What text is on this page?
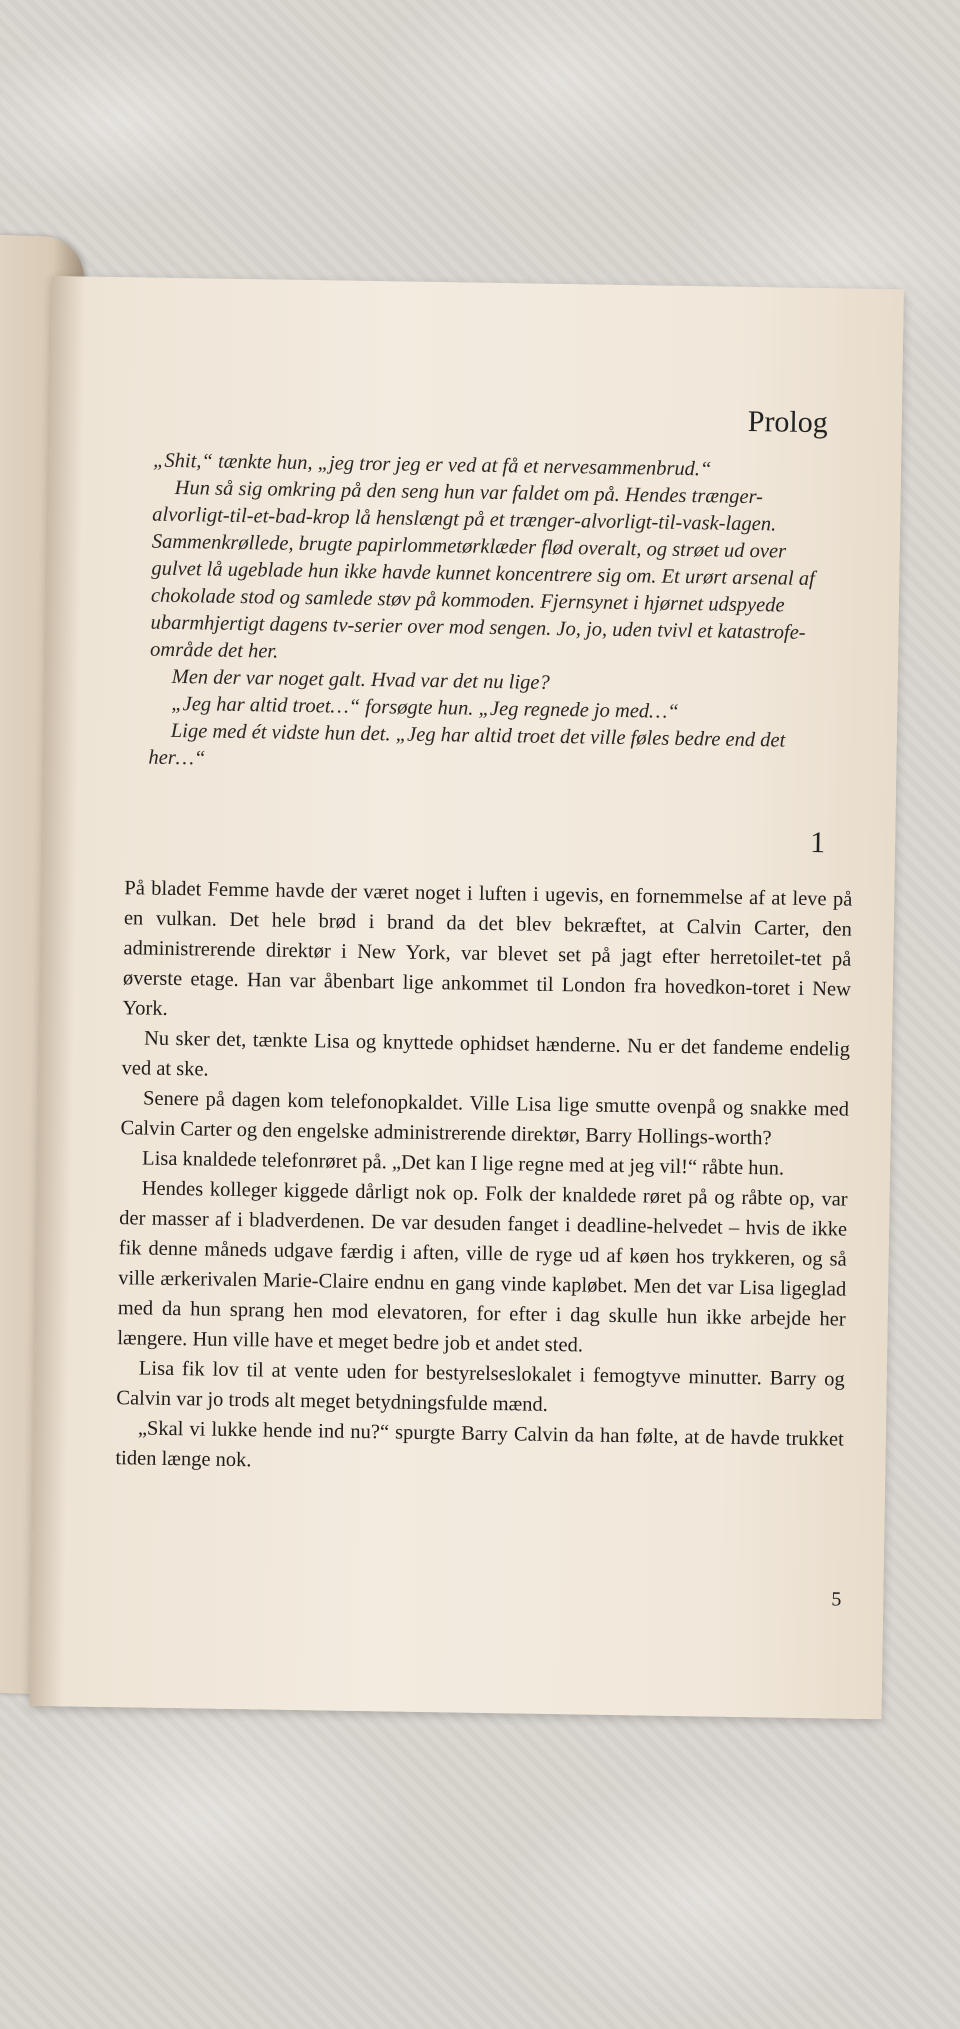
Prolog

„Shit,“ tænkte hun, „jeg tror jeg er ved at få et nervesammenbrud.“

Hun så sig omkring på den seng hun var faldet om på. Hendes trænger-alvorligt-til-et-bad-krop lå henslængt på et trænger-alvorligt-til-vask-lagen. Sammenkrøllede, brugte papirlommetørklæder flød overalt, og strøet ud over gulvet lå ugeblade hun ikke havde kunnet koncentrere sig om. Et urørt arsenal af chokolade stod og samlede støv på kommoden. Fjernsynet i hjørnet udspyede ubarmhjertigt dagens tv-serier over mod sengen. Jo, jo, uden tvivl et katastrofe-område det her.

Men der var noget galt. Hvad var det nu lige?

„Jeg har altid troet…“ forsøgte hun. „Jeg regnede jo med…“

Lige med ét vidste hun det. „Jeg har altid troet det ville føles bedre end det her…“

1

På bladet Femme havde der været noget i luften i ugevis, en fornemmelse af at leve på en vulkan. Det hele brød i brand da det blev bekræftet, at Calvin Carter, den administrerende direktør i New York, var blevet set på jagt efter herretoilet-tet på øverste etage. Han var åbenbart lige ankommet til London fra hovedkon-toret i New York.

Nu sker det, tænkte Lisa og knyttede ophidset hænderne. Nu er det fandeme endelig ved at ske.

Senere på dagen kom telefonopkaldet. Ville Lisa lige smutte ovenpå og snakke med Calvin Carter og den engelske administrerende direktør, Barry Hollings-worth?

Lisa knaldede telefonrøret på. „Det kan I lige regne med at jeg vil!“ råbte hun.

Hendes kolleger kiggede dårligt nok op. Folk der knaldede røret på og råbte op, var der masser af i bladverdenen. De var desuden fanget i deadline-helvedet – hvis de ikke fik denne måneds udgave færdig i aften, ville de ryge ud af køen hos trykkeren, og så ville ærkerivalen Marie-Claire endnu en gang vinde kapløbet. Men det var Lisa ligeglad med da hun sprang hen mod elevatoren, for efter i dag skulle hun ikke arbejde her længere. Hun ville have et meget bedre job et andet sted.

Lisa fik lov til at vente uden for bestyrelseslokalet i femogtyve minutter. Barry og Calvin var jo trods alt meget betydningsfulde mænd.

„Skal vi lukke hende ind nu?“ spurgte Barry Calvin da han følte, at de havde trukket tiden længe nok.

5
